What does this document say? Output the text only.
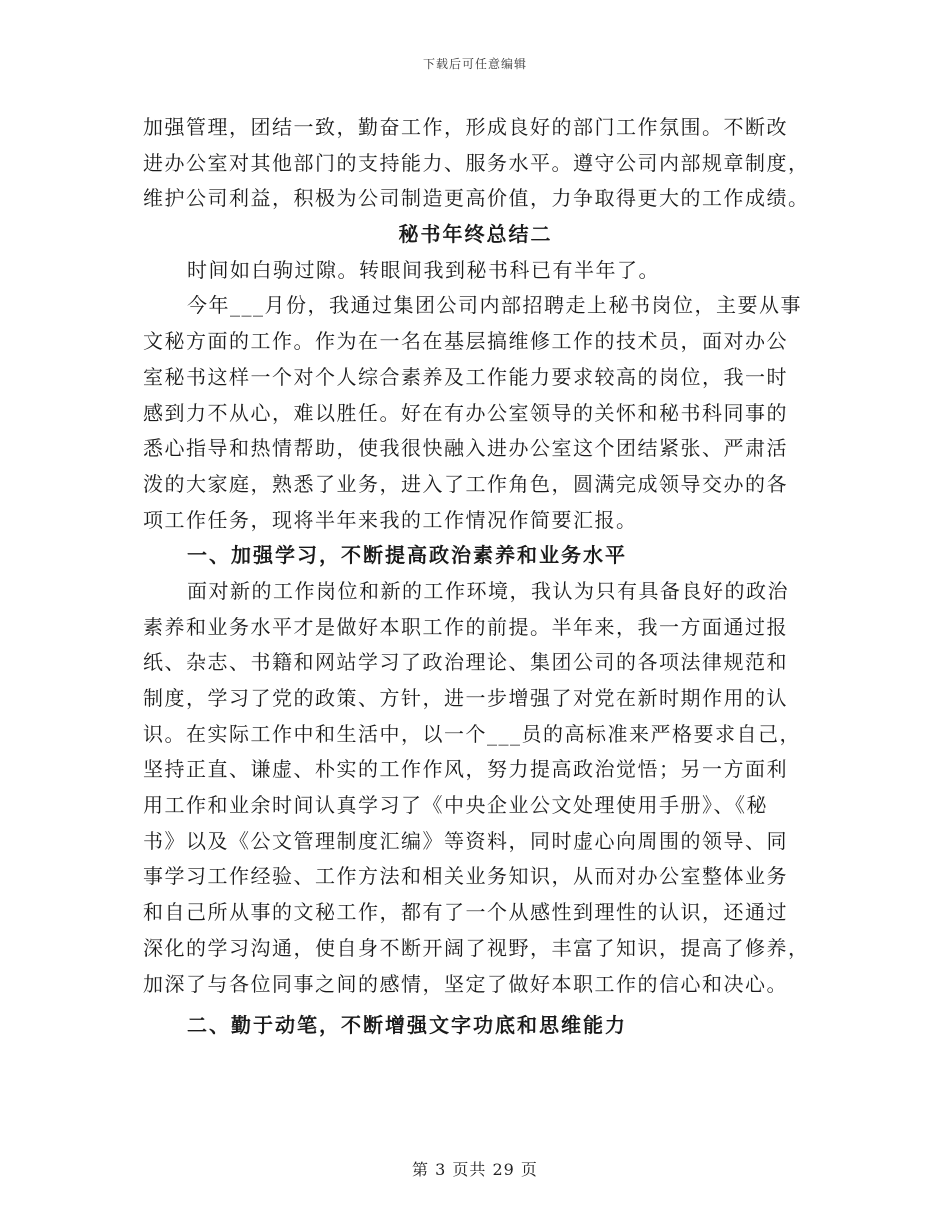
下载后可任意编辑
加强管理，团结一致，勤奋工作，形成良好的部门工作氛围。不断改
进办公室对其他部门的支持能力、服务水平。遵守公司内部规章制度，
维护公司利益，积极为公司制造更高价值，力争取得更大的工作成绩。
秘书年终总结二
时间如白驹过隙。转眼间我到秘书科已有半年了。
今年___月份，我通过集团公司内部招聘走上秘书岗位，主要从事
文秘方面的工作。作为在一名在基层搞维修工作的技术员，面对办公
室秘书这样一个对个人综合素养及工作能力要求较高的岗位，我一时
感到力不从心，难以胜任。好在有办公室领导的关怀和秘书科同事的
悉心指导和热情帮助，使我很快融入进办公室这个团结紧张、严肃活
泼的大家庭，熟悉了业务，进入了工作角色，圆满完成领导交办的各
项工作任务，现将半年来我的工作情况作简要汇报。
一、加强学习，不断提高政治素养和业务水平
面对新的工作岗位和新的工作环境，我认为只有具备良好的政治
素养和业务水平才是做好本职工作的前提。半年来，我一方面通过报
纸、杂志、书籍和网站学习了政治理论、集团公司的各项法律规范和
制度，学习了党的政策、方针，进一步增强了对党在新时期作用的认
识。在实际工作中和生活中，以一个___员的高标准来严格要求自己，
坚持正直、谦虚、朴实的工作作风，努力提高政治觉悟；另一方面利
用工作和业余时间认真学习了《中央企业公文处理使用手册》、《秘
书》以及《公文管理制度汇编》等资料，同时虚心向周围的领导、同
事学习工作经验、工作方法和相关业务知识，从而对办公室整体业务
和自己所从事的文秘工作，都有了一个从感性到理性的认识，还通过
深化的学习沟通，使自身不断开阔了视野，丰富了知识，提高了修养，
加深了与各位同事之间的感情，坚定了做好本职工作的信心和决心。
二、勤于动笔，不断增强文字功底和思维能力
第 3 页共 29 页
